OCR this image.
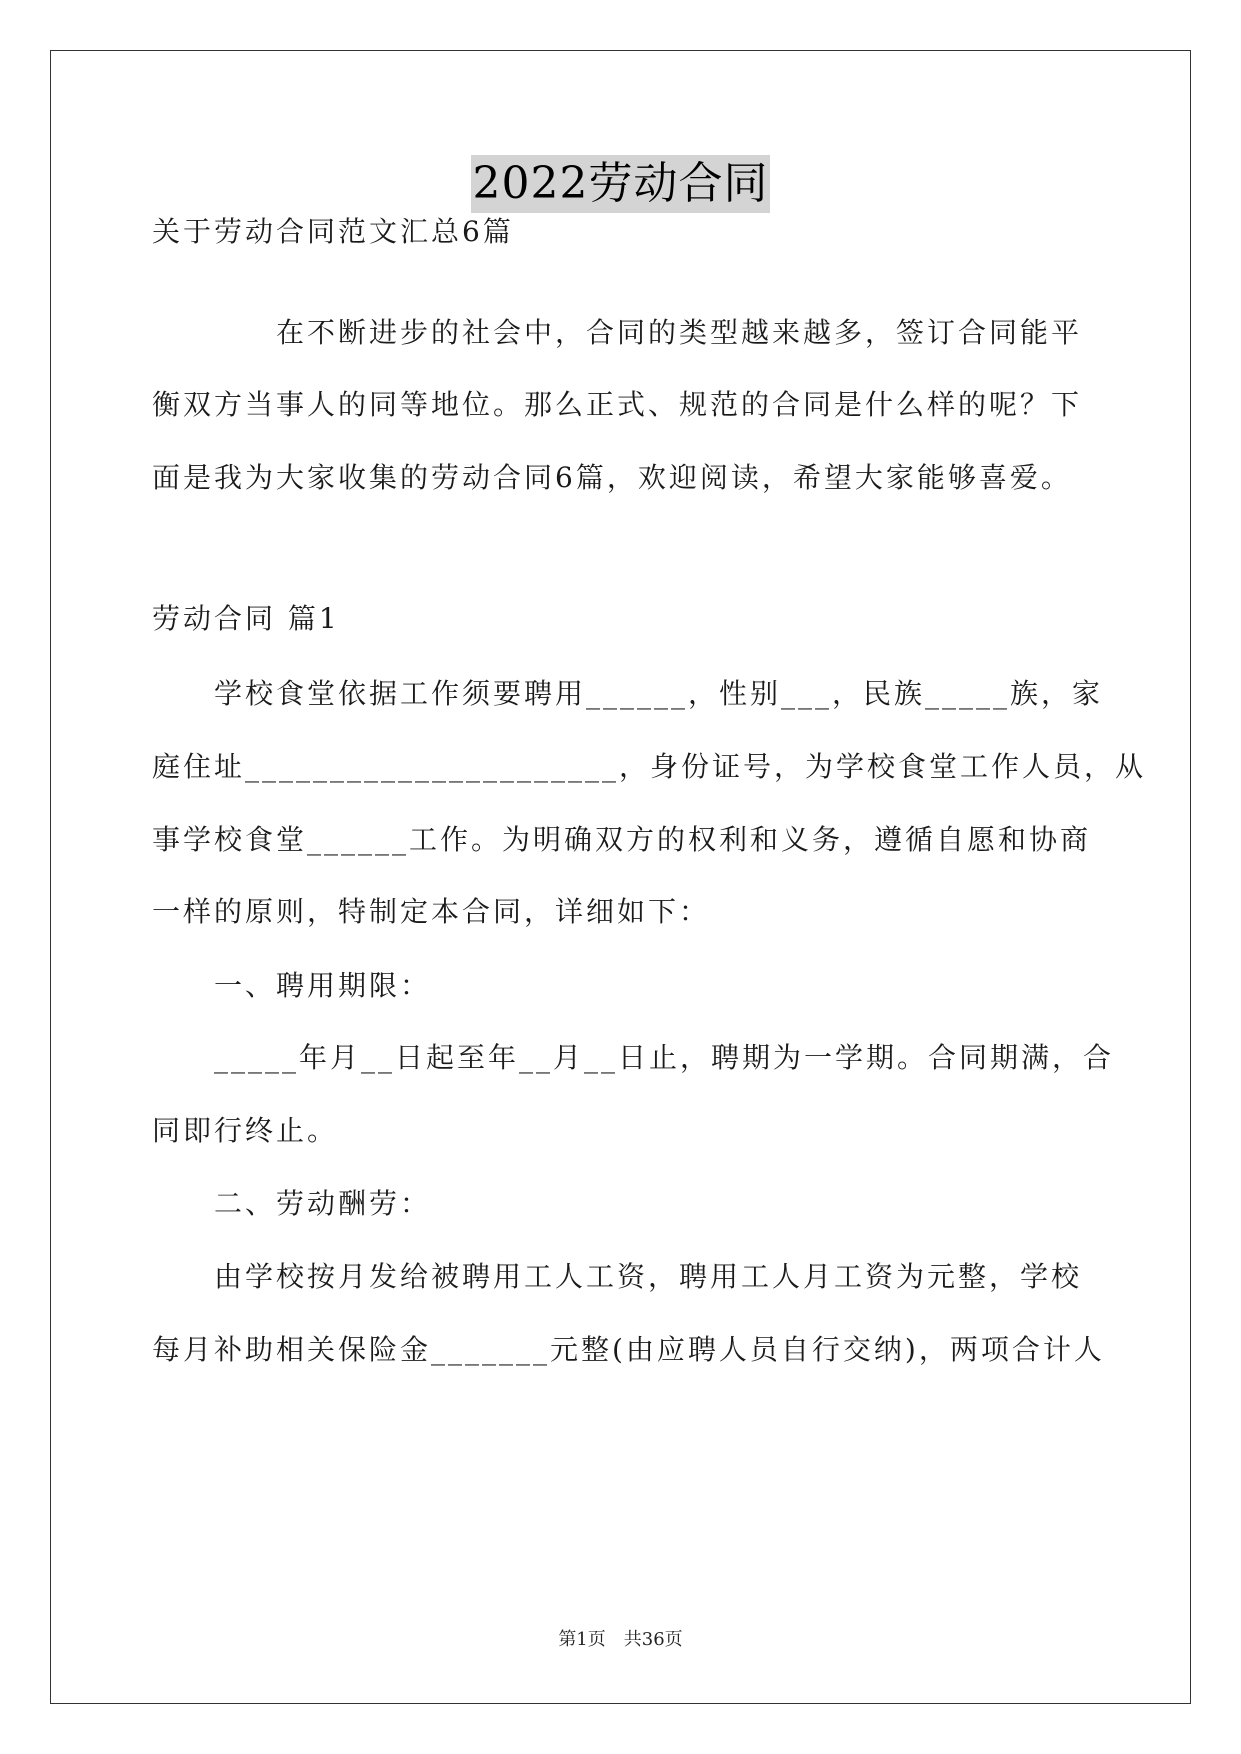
2022劳动合同
关于劳动合同范文汇总6篇
　　　　在不断进步的社会中，合同的类型越来越多，签订合同能平
衡双方当事人的同等地位。那么正式、规范的合同是什么样的呢？下
面是我为大家收集的劳动合同6篇，欢迎阅读，希望大家能够喜爱。
劳动合同 篇1
　　学校食堂依据工作须要聘用______，性别___，民族_____族，家
庭住址______________________，身份证号，为学校食堂工作人员，从
事学校食堂______工作。为明确双方的权利和义务，遵循自愿和协商
一样的原则，特制定本合同，详细如下：
　　一、聘用期限：
　　_____年月__日起至年__月__日止，聘期为一学期。合同期满，合
同即行终止。
　　二、劳动酬劳：
　　由学校按月发给被聘用工人工资，聘用工人月工资为元整，学校
每月补助相关保险金_______元整(由应聘人员自行交纳)，两项合计人
第1页 共36页
